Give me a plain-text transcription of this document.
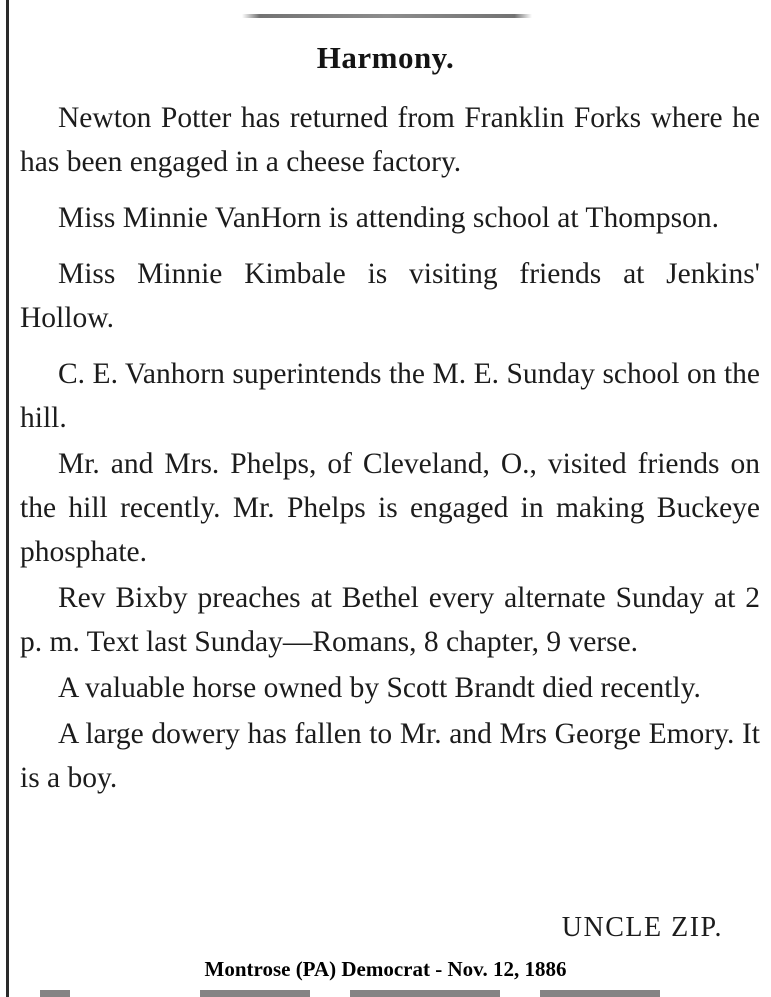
Harmony.

Newton Potter has returned from Franklin Forks where he has been engaged in a cheese factory.

Miss Minnie VanHorn is attending school at Thompson.

Miss Minnie Kimbale is visiting friends at Jenkins' Hollow.

C. E. Vanhorn superintends the M. E. Sunday school on the hill.

Mr. and Mrs. Phelps, of Cleveland, O., visited friends on the hill recently. Mr. Phelps is engaged in making Buckeye phosphate.

Rev Bixby preaches at Bethel every alternate Sunday at 2 p. m. Text last Sunday—Romans, 8 chapter, 9 verse.

A valuable horse owned by Scott Brandt died recently.

A large dowery has fallen to Mr. and Mrs George Emory. It is a boy.

UNCLE ZIP.
Montrose (PA) Democrat - Nov. 12, 1886
